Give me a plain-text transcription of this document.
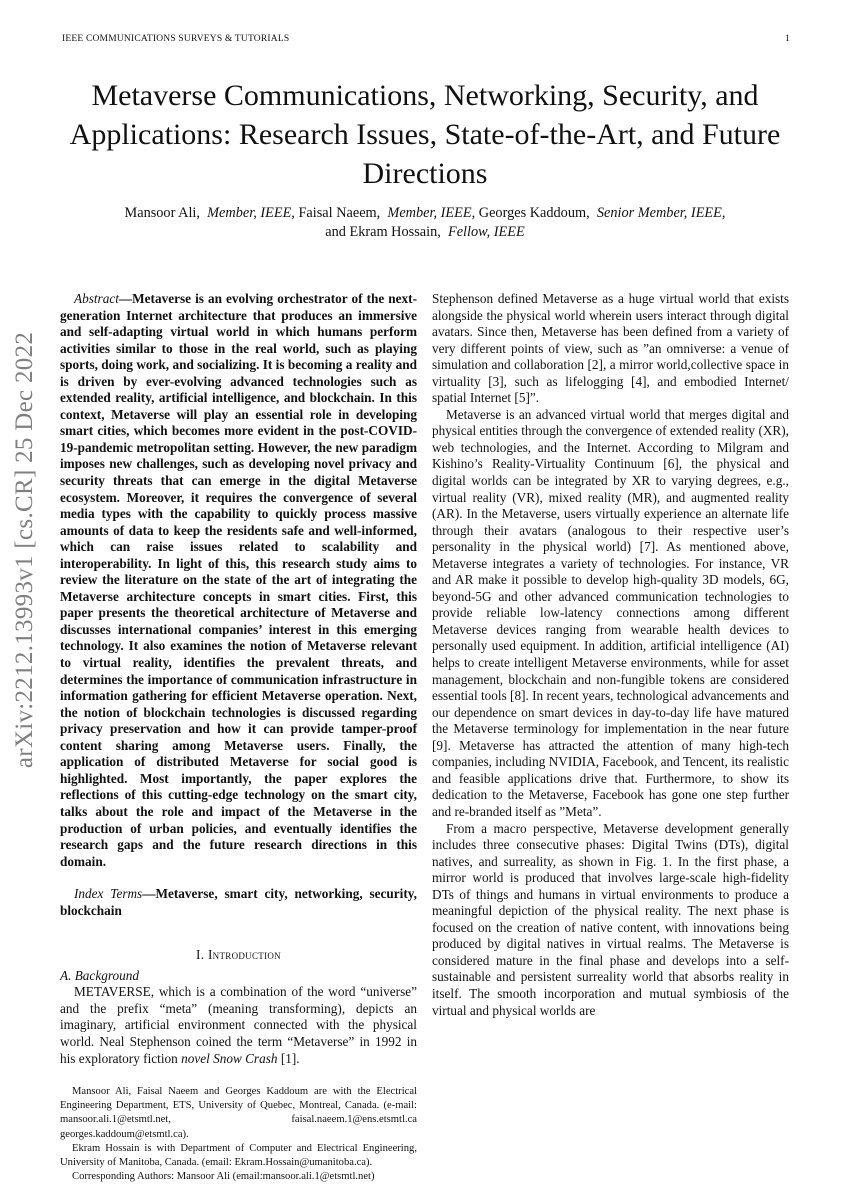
IEEE COMMUNICATIONS SURVEYS & TUTORIALS	1
arXiv:2212.13993v1 [cs.CR] 25 Dec 2022
Metaverse Communications, Networking, Security, and Applications: Research Issues, State-of-the-Art, and Future Directions
Mansoor Ali, Member, IEEE, Faisal Naeem, Member, IEEE, Georges Kaddoum, Senior Member, IEEE,
and Ekram Hossain, Fellow, IEEE

Abstract—Metaverse is an evolving orchestrator of the next-generation Internet architecture that produces an immersive and self-adapting virtual world in which humans perform activities similar to those in the real world, such as playing sports, doing work, and socializing. It is becoming a reality and is driven by ever-evolving advanced technologies such as extended reality, artificial intelligence, and blockchain. In this context, Metaverse will play an essential role in developing smart cities, which becomes more evident in the post-COVID-19-pandemic metropolitan setting. However, the new paradigm imposes new challenges, such as developing novel privacy and security threats that can emerge in the digital Metaverse ecosystem. Moreover, it requires the convergence of several media types with the capability to quickly process massive amounts of data to keep the residents safe and well-informed, which can raise issues related to scalability and interoperability. In light of this, this research study aims to review the literature on the state of the art of integrating the Metaverse architecture concepts in smart cities. First, this paper presents the theoretical architecture of Metaverse and discusses international companies’ interest in this emerging technology. It also examines the notion of Metaverse relevant to virtual reality, identifies the prevalent threats, and determines the importance of communication infrastructure in information gathering for efficient Metaverse operation. Next, the notion of blockchain technologies is discussed regarding privacy preservation and how it can provide tamper-proof content sharing among Metaverse users. Finally, the application of distributed Metaverse for social good is highlighted. Most importantly, the paper explores the reflections of this cutting-edge technology on the smart city, talks about the role and impact of the Metaverse in the production of urban policies, and eventually identifies the research gaps and the future research directions in this domain.

Index Terms—Metaverse, smart city, networking, security, blockchain

I. Introduction

A. Background

METAVERSE, which is a combination of the word “universe” and the prefix “meta” (meaning transforming), depicts an imaginary, artificial environment connected with the physical world. Neal Stephenson coined the term “Metaverse” in 1992 in his exploratory fiction novel Snow Crash [1].

Mansoor Ali, Faisal Naeem and Georges Kaddoum are with the Electrical Engineering Department, ETS, University of Quebec, Montreal, Canada. (e-mail: mansoor.ali.1@etsmtl.net, faisal.naeem.1@ens.etsmtl.ca georges.kaddoum@etsmtl.ca).

Ekram Hossain is with Department of Computer and Electrical Engineering, University of Manitoba, Canada. (email: Ekram.Hossain@umanitoba.ca).

Corresponding Authors: Mansoor Ali (email:mansoor.ali.1@etsmtl.net)

Stephenson defined Metaverse as a huge virtual world that exists alongside the physical world wherein users interact through digital avatars. Since then, Metaverse has been defined from a variety of very different points of view, such as ”an omniverse: a venue of simulation and collaboration [2], a mirror world,collective space in virtuality [3], such as lifelogging [4], and embodied Internet/ spatial Internet [5]”.

Metaverse is an advanced virtual world that merges digital and physical entities through the convergence of extended reality (XR), web technologies, and the Internet. According to Milgram and Kishino’s Reality-Virtuality Continuum [6], the physical and digital worlds can be integrated by XR to varying degrees, e.g., virtual reality (VR), mixed reality (MR), and augmented reality (AR). In the Metaverse, users virtually experience an alternate life through their avatars (analogous to their respective user’s personality in the physical world) [7]. As mentioned above, Metaverse integrates a variety of technologies. For instance, VR and AR make it possible to develop high-quality 3D models, 6G, beyond-5G and other advanced communication technologies to provide reliable low-latency connections among different Metaverse devices ranging from wearable health devices to personally used equipment. In addition, artificial intelligence (AI) helps to create intelligent Metaverse environments, while for asset management, blockchain and non-fungible tokens are considered essential tools [8]. In recent years, technological advancements and our dependence on smart devices in day-to-day life have matured the Metaverse terminology for implementation in the near future [9]. Metaverse has attracted the attention of many high-tech companies, including NVIDIA, Facebook, and Tencent, its realistic and feasible applications drive that. Furthermore, to show its dedication to the Metaverse, Facebook has gone one step further and re-branded itself as ”Meta”.

From a macro perspective, Metaverse development generally includes three consecutive phases: Digital Twins (DTs), digital natives, and surreality, as shown in Fig. 1. In the first phase, a mirror world is produced that involves large-scale high-fidelity DTs of things and humans in virtual environments to produce a meaningful depiction of the physical reality. The next phase is focused on the creation of native content, with innovations being produced by digital natives in virtual realms. The Metaverse is considered mature in the final phase and develops into a self-sustainable and persistent surreality world that absorbs reality in itself. The smooth incorporation and mutual symbiosis of the virtual and physical worlds are
